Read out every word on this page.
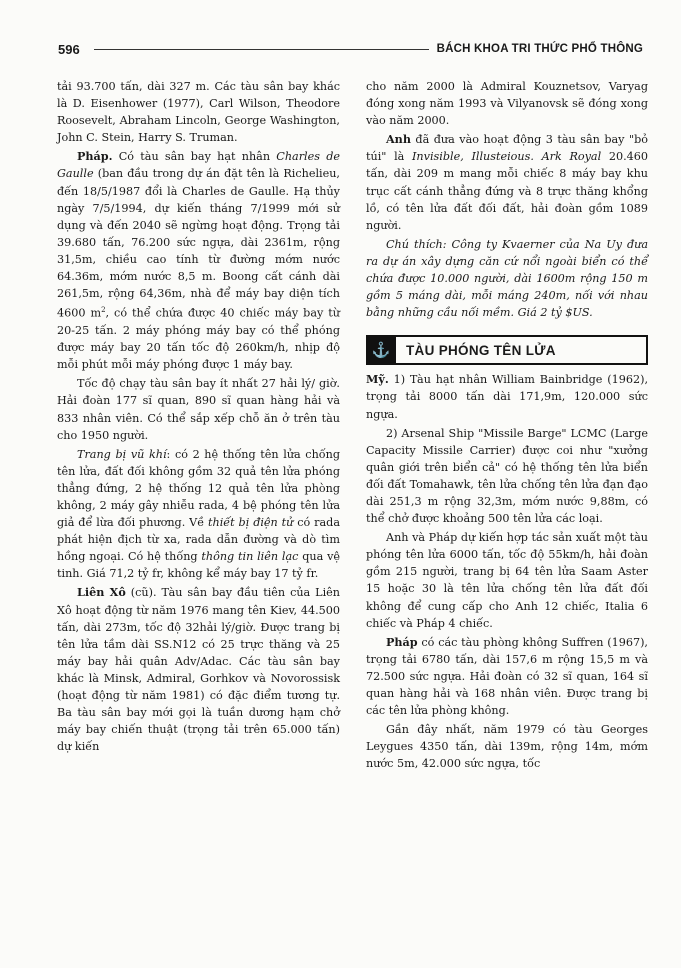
596	BÁCH KHOA TRI THỨC PHỔ THÔNG

tải 93.700 tấn, dài 327 m. Các tàu sân bay khác là D. Eisenhower (1977), Carl Wilson, Theodore Roosevelt, Abraham Lincoln, George Washington, John C. Stein, Harry S. Truman.

Pháp. Có tàu sân bay hạt nhân Charles de Gaulle (ban đầu trong dự án đặt tên là Richelieu, đến 18/5/1987 đổi là Charles de Gaulle. Hạ thủy ngày 7/5/1994, dự kiến tháng 7/1999 mới sử dụng và đến 2040 sẽ ngừng hoạt động. Trọng tải 39.680 tấn, 76.200 sức ngựa, dài 2361m, rộng 31,5m, chiều cao tính từ đường mớm nước 64.36m, mớm nước 8,5 m. Boong cất cánh dài 261,5m, rộng 64,36m, nhà để máy bay diện tích 4600 $m^2$, có thể chứa được 40 chiếc máy bay từ 20-25 tấn. 2 máy phóng máy bay có thể phóng được máy bay 20 tấn tốc độ 260km/h, nhịp độ mỗi phút mỗi máy phóng được 1 máy bay.

Tốc độ chạy tàu sân bay ít nhất 27 hải lý/ giờ. Hải đoàn 177 sĩ quan, 890 sĩ quan hàng hải và 833 nhân viên. Có thể sắp xếp chỗ ăn ở trên tàu cho 1950 người.

Trang bị vũ khí: có 2 hệ thống tên lửa chống tên lửa, đất đối không gồm 32 quả tên lửa phóng thẳng đứng, 2 hệ thống 12 quả tên lửa phòng không, 2 máy gây nhiễu rada, 4 bệ phóng tên lửa giả để lừa đối phương. Về thiết bị điện tử có rada phát hiện địch từ xa, rada dẫn đường và dò tìm hồng ngoại. Có hệ thống thông tin liên lạc qua vệ tinh. Giá 71,2 tỷ fr, không kể máy bay 17 tỷ fr.

Liên Xô (cũ). Tàu sân bay đầu tiên của Liên Xô hoạt động từ năm 1976 mang tên Kiev, 44.500 tấn, dài 273m, tốc độ 32hải lý/giờ. Được trang bị tên lửa tầm dài SS.N12 có 25 trực thăng và 25 máy bay hải quân Adv/Adac. Các tàu sân bay khác là Minsk, Admiral, Gorhkov và Novorossisk (hoạt động từ năm 1981) có đặc điểm tương tự. Ba tàu sân bay mới gọi là tuần dương hạm chở máy bay chiến thuật (trọng tải trên 65.000 tấn) dự kiến

cho năm 2000 là Admiral Kouznetsov, Varyag đóng xong năm 1993 và Vilyanovsk sẽ đóng xong vào năm 2000.

Anh đã đưa vào hoạt động 3 tàu sân bay "bỏ túi" là Invisible, Illusteious. Ark Royal 20.460 tấn, dài 209 m mang mỗi chiếc 8 máy bay khu trục cất cánh thẳng đứng và 8 trực thăng khổng lồ, có tên lửa đất đối đất, hải đoàn gồm 1089 người.

Chú thích: Công ty Kvaerner của Na Uy đưa ra dự án xây dựng căn cứ nổi ngoài biển có thể chứa được 10.000 người, dài 1600m rộng 150 m gồm 5 máng dài, mỗi máng 240m, nối với nhau bằng những cầu nối mềm. Giá 2 tỷ $US.

⚓	TÀU PHÓNG TÊN LỬA

Mỹ. 1) Tàu hạt nhân William Bainbridge (1962), trọng tải 8000 tấn dài 171,9m, 120.000 sức ngựa.

2) Arsenal Ship "Missile Barge" LCMC (Large Capacity Missile Carrier) được coi như "xưởng quân giới trên biển cả" có hệ thống tên lửa biển đối đất Tomahawk, tên lửa chống tên lửa đạn đạo dài 251,3 m rộng 32,3m, mớm nước 9,88m, có thể chở được khoảng 500 tên lửa các loại.

Anh và Pháp dự kiến hợp tác sản xuất một tàu phóng tên lửa 6000 tấn, tốc độ 55km/h, hải đoàn gồm 215 người, trang bị 64 tên lửa Saam Aster 15 hoặc 30 là tên lửa chống tên lửa đất đối không để cung cấp cho Anh 12 chiếc, Italia 6 chiếc và Pháp 4 chiếc.

Pháp có các tàu phòng không Suffren (1967), trọng tải 6780 tấn, dài 157,6 m rộng 15,5 m và 72.500 sức ngựa. Hải đoàn có 32 sĩ quan, 164 sĩ quan hàng hải và 168 nhân viên. Được trang bị các tên lửa phòng không.

Gần đây nhất, năm 1979 có tàu Georges Leygues 4350 tấn, dài 139m, rộng 14m, mớm nước 5m, 42.000 sức ngựa, tốc
